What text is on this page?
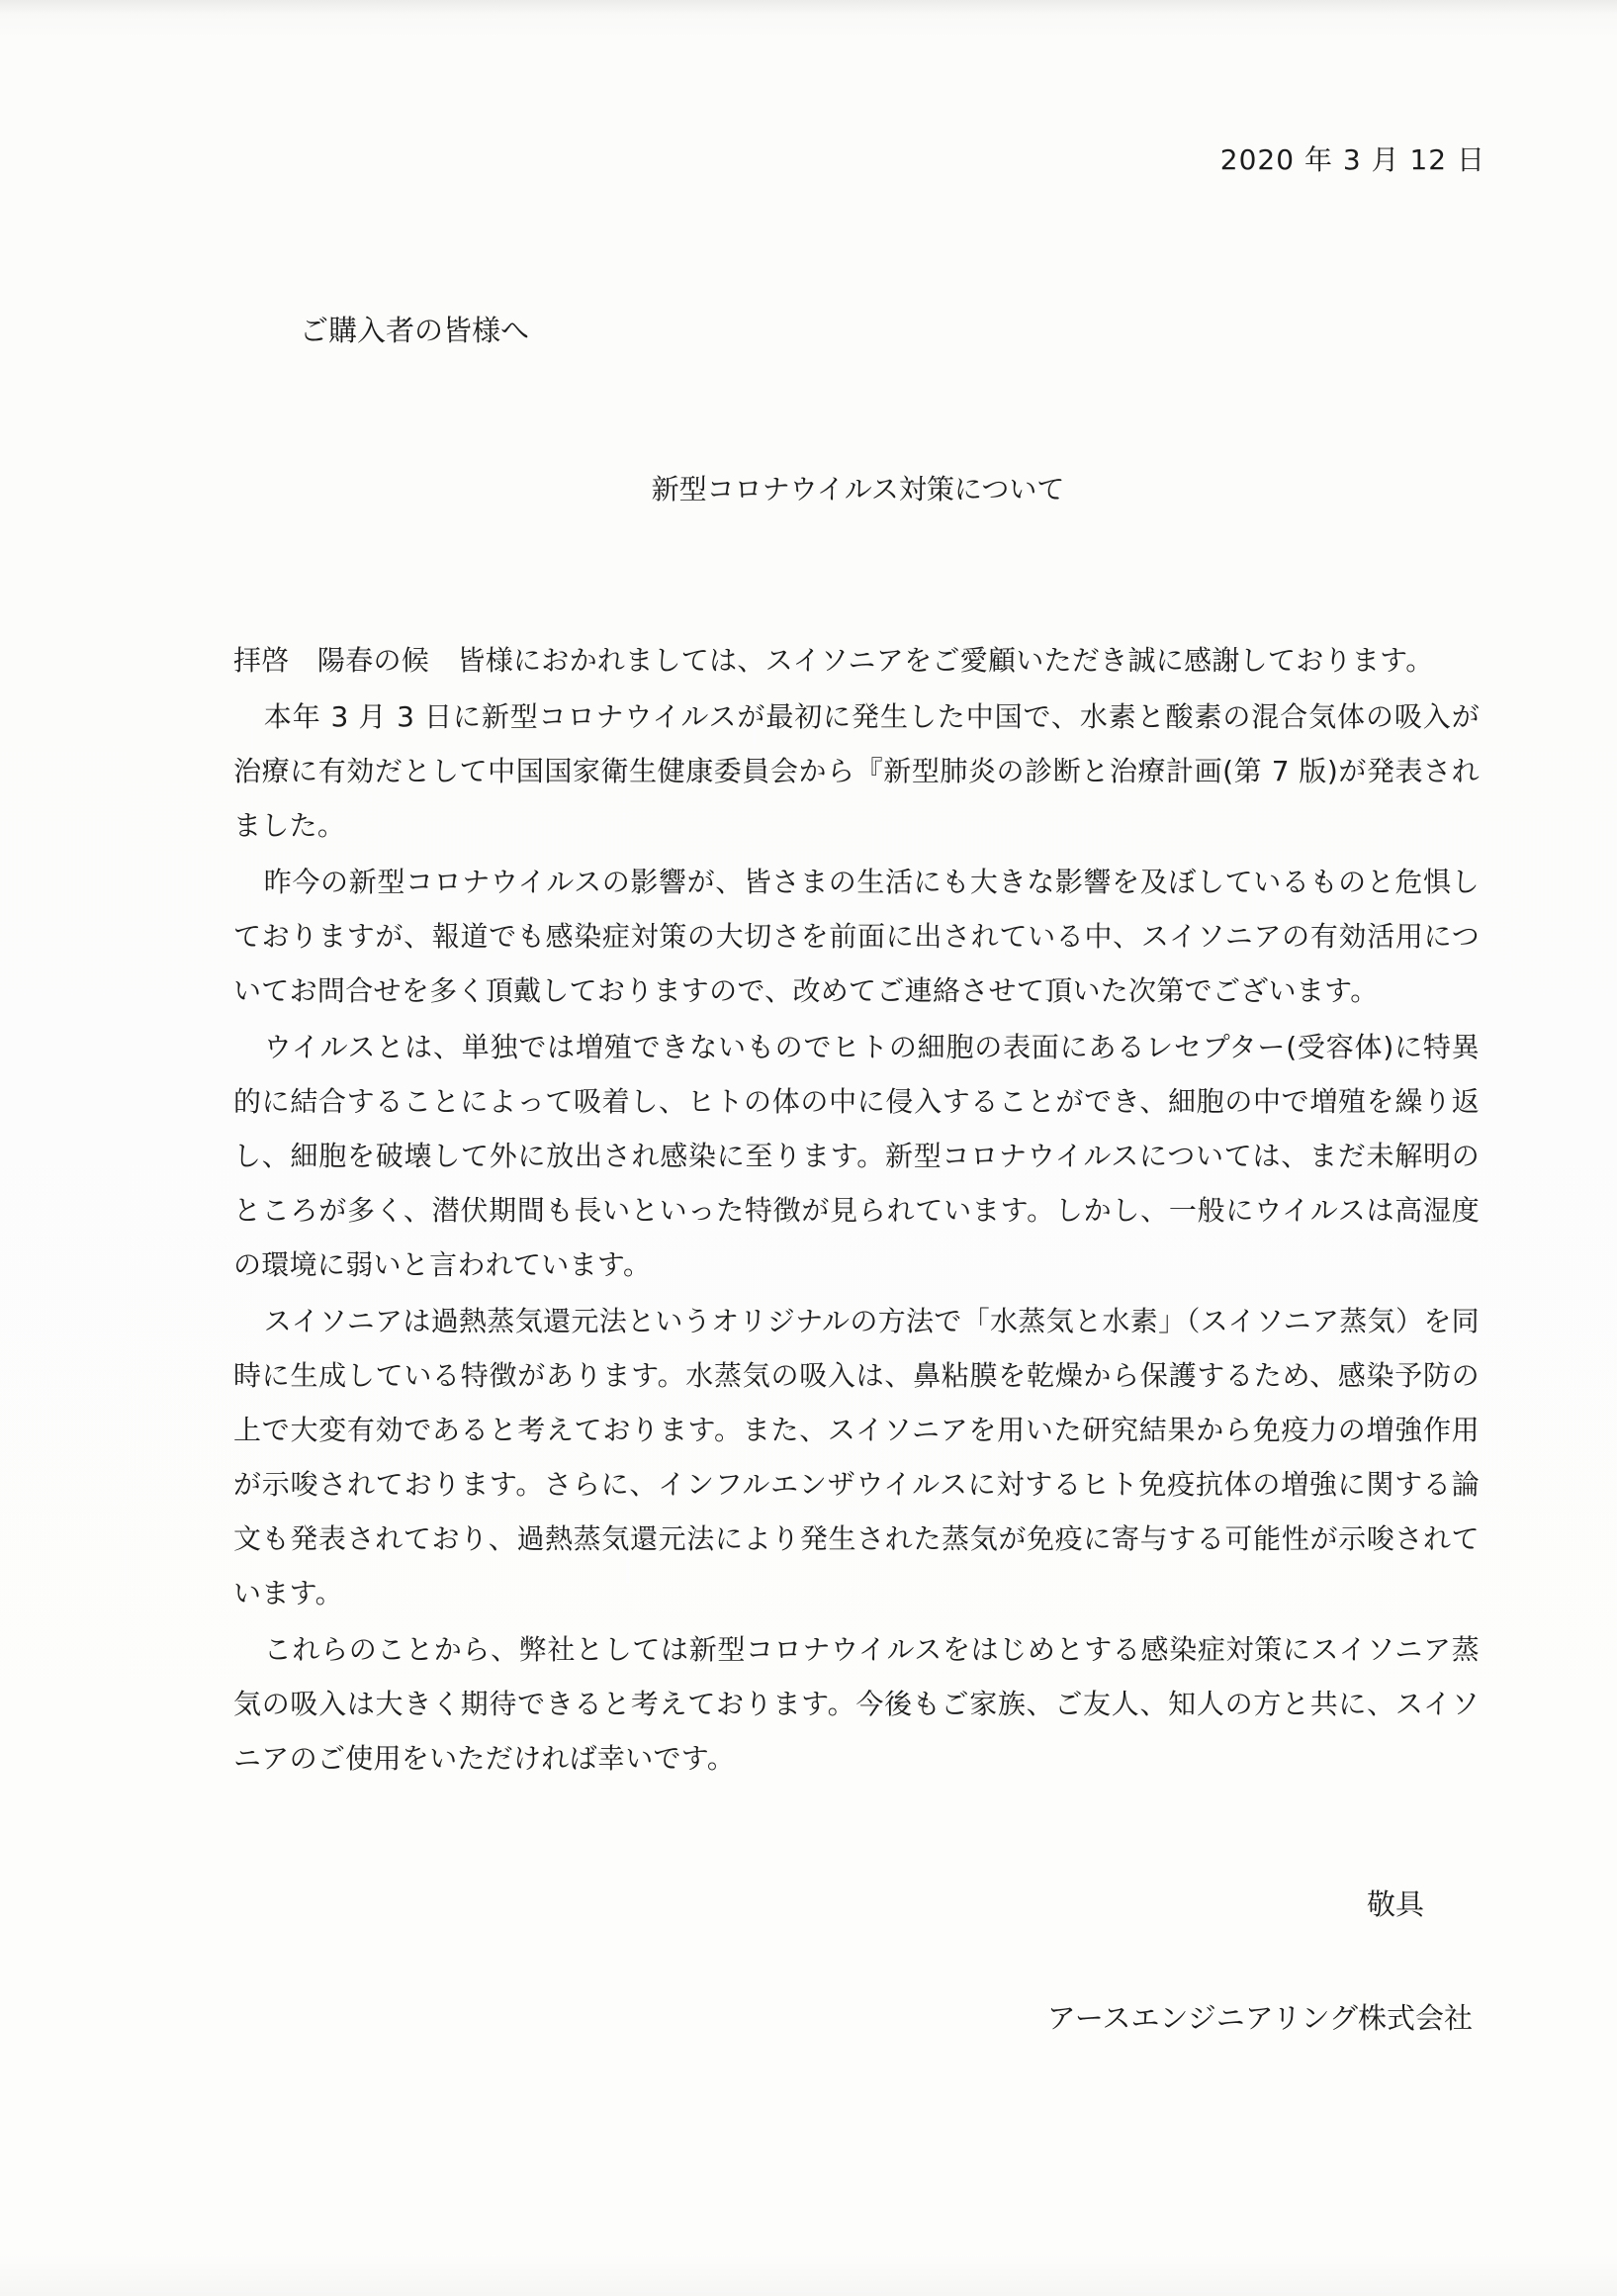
2020 年 3 月 12 日
ご購入者の皆様へ
新型コロナウイルス対策について

拝啓　陽春の候　皆様におかれましては、スイソニアをご愛顧いただき誠に感謝しております。

本年 3 月 3 日に新型コロナウイルスが最初に発生した中国で、水素と酸素の混合気体の吸入が治療に有効だとして中国国家衛生健康委員会から『新型肺炎の診断と治療計画(第 7 版)が発表されました。

昨今の新型コロナウイルスの影響が、皆さまの生活にも大きな影響を及ぼしているものと危惧しておりますが、報道でも感染症対策の大切さを前面に出されている中、スイソニアの有効活用についてお問合せを多く頂戴しておりますので、改めてご連絡させて頂いた次第でございます。

ウイルスとは、単独では増殖できないものでヒトの細胞の表面にあるレセプター(受容体)に特異的に結合することによって吸着し、ヒトの体の中に侵入することができ、細胞の中で増殖を繰り返し、細胞を破壊して外に放出され感染に至ります。新型コロナウイルスについては、まだ未解明のところが多く、潜伏期間も長いといった特徴が見られています。しかし、一般にウイルスは高湿度の環境に弱いと言われています。

スイソニアは過熱蒸気還元法というオリジナルの方法で「水蒸気と水素」（スイソニア蒸気）を同時に生成している特徴があります。水蒸気の吸入は、鼻粘膜を乾燥から保護するため、感染予防の上で大変有効であると考えております。また、スイソニアを用いた研究結果から免疫力の増強作用が示唆されております。さらに、インフルエンザウイルスに対するヒト免疫抗体の増強に関する論文も発表されており、過熱蒸気還元法により発生された蒸気が免疫に寄与する可能性が示唆されています。

これらのことから、弊社としては新型コロナウイルスをはじめとする感染症対策にスイソニア蒸気の吸入は大きく期待できると考えております。今後もご家族、ご友人、知人の方と共に、スイソニアのご使用をいただければ幸いです。

敬具
アースエンジニアリング株式会社
